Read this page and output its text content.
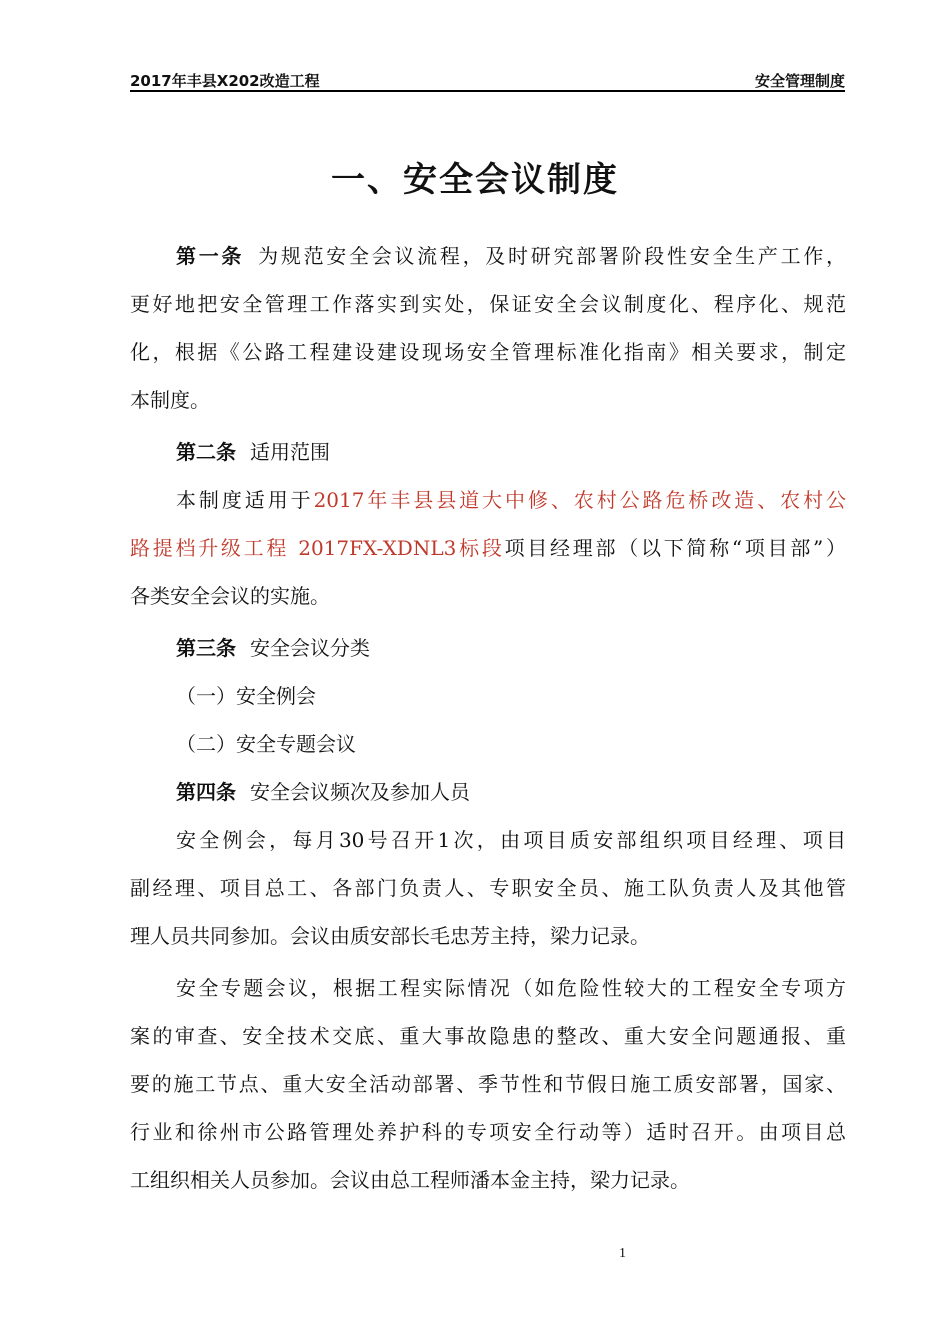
2017年丰县X202改造工程	安全管理制度
一、安全会议制度
第一条 为规范安全会议流程，及时研究部署阶段性安全生产工作，
更好地把安全管理工作落实到实处，保证安全会议制度化、程序化、规范
化，根据《公路工程建设建设现场安全管理标准化指南》相关要求，制定
本制度。
第二条 适用范围
本制度适用于2017年丰县县道大中修、农村公路危桥改造、农村公
路提档升级工程 2017FX-XDNL3标段项目经理部（以下简称“项目部”）
各类安全会议的实施。
第三条 安全会议分类
（一）安全例会
（二）安全专题会议
第四条 安全会议频次及参加人员
安全例会，每月30号召开1次，由项目质安部组织项目经理、项目
副经理、项目总工、各部门负责人、专职安全员、施工队负责人及其他管
理人员共同参加。会议由质安部长毛忠芳主持，梁力记录。
安全专题会议，根据工程实际情况（如危险性较大的工程安全专项方
案的审查、安全技术交底、重大事故隐患的整改、重大安全问题通报、重
要的施工节点、重大安全活动部署、季节性和节假日施工质安部署，国家、
行业和徐州市公路管理处养护科的专项安全行动等）适时召开。由项目总
工组织相关人员参加。会议由总工程师潘本金主持，梁力记录。
1
